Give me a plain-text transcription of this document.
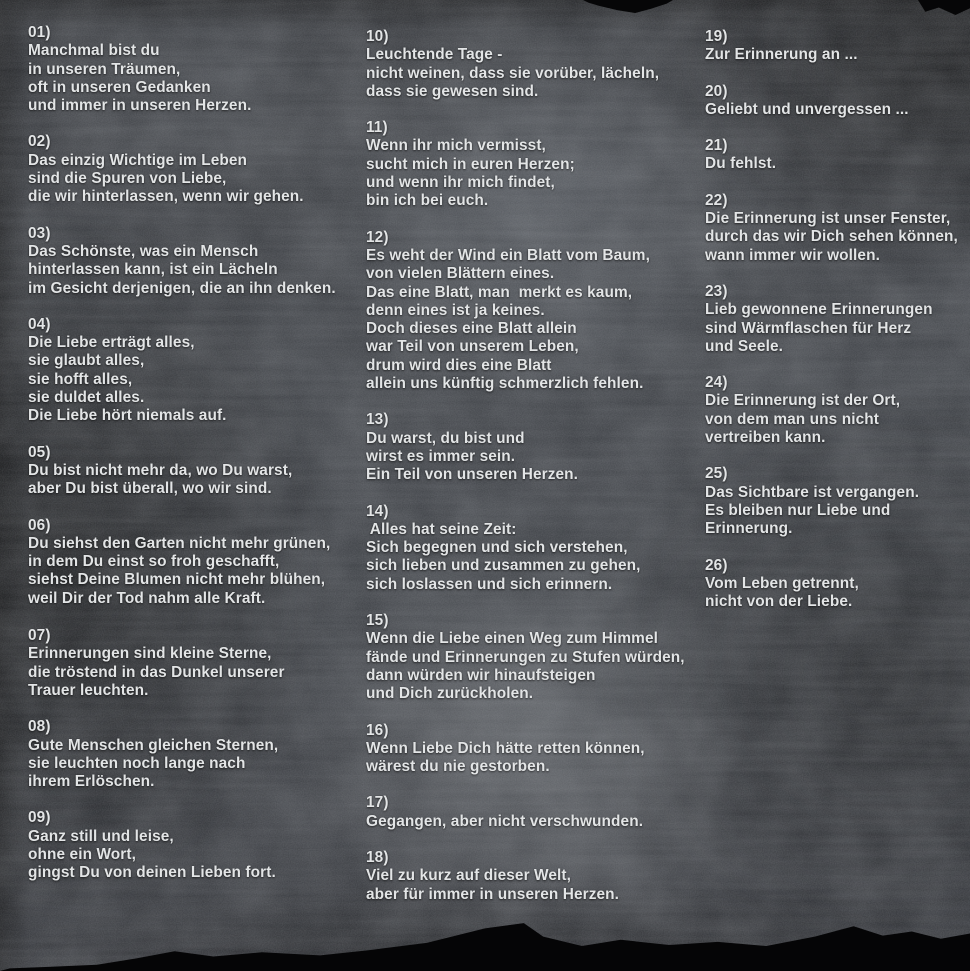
01)
Manchmal bist du
in unseren Träumen,
oft in unseren Gedanken
und immer in unseren Herzen.
02)
Das einzig Wichtige im Leben
sind die Spuren von Liebe,
die wir hinterlassen, wenn wir gehen.
03)
Das Schönste, was ein Mensch
hinterlassen kann, ist ein Lächeln
im Gesicht derjenigen, die an ihn denken.
04)
Die Liebe erträgt alles,
sie glaubt alles,
sie hofft alles,
sie duldet alles.
Die Liebe hört niemals auf.
05)
Du bist nicht mehr da, wo Du warst,
aber Du bist überall, wo wir sind.
06)
Du siehst den Garten nicht mehr grünen,
in dem Du einst so froh geschafft,
siehst Deine Blumen nicht mehr blühen,
weil Dir der Tod nahm alle Kraft.
07)
Erinnerungen sind kleine Sterne,
die tröstend in das Dunkel unserer
Trauer leuchten.
08)
Gute Menschen gleichen Sternen,
sie leuchten noch lange nach
ihrem Erlöschen.
09)
Ganz still und leise,
ohne ein Wort,
gingst Du von deinen Lieben fort.
10)
Leuchtende Tage -
nicht weinen, dass sie vorüber, lächeln,
dass sie gewesen sind.
11)
Wenn ihr mich vermisst,
sucht mich in euren Herzen;
und wenn ihr mich findet,
bin ich bei euch.
12)
Es weht der Wind ein Blatt vom Baum,
von vielen Blättern eines.
Das eine Blatt, man  merkt es kaum,
denn eines ist ja keines.
Doch dieses eine Blatt allein
war Teil von unserem Leben,
drum wird dies eine Blatt
allein uns künftig schmerzlich fehlen.
13)
Du warst, du bist und
wirst es immer sein.
Ein Teil von unseren Herzen.
14)
Alles hat seine Zeit:
Sich begegnen und sich verstehen,
sich lieben und zusammen zu gehen,
sich loslassen und sich erinnern.
15)
Wenn die Liebe einen Weg zum Himmel
fände und Erinnerungen zu Stufen würden,
dann würden wir hinaufsteigen
und Dich zurückholen.
16)
Wenn Liebe Dich hätte retten können,
wärest du nie gestorben.
17)
Gegangen, aber nicht verschwunden.
18)
Viel zu kurz auf dieser Welt,
aber für immer in unseren Herzen.
19)
Zur Erinnerung an ...
20)
Geliebt und unvergessen ...
21)
Du fehlst.
22)
Die Erinnerung ist unser Fenster,
durch das wir Dich sehen können,
wann immer wir wollen.
23)
Lieb gewonnene Erinnerungen
sind Wärmflaschen für Herz
und Seele.
24)
Die Erinnerung ist der Ort,
von dem man uns nicht
vertreiben kann.
25)
Das Sichtbare ist vergangen.
Es bleiben nur Liebe und
Erinnerung.
26)
Vom Leben getrennt,
nicht von der Liebe.
